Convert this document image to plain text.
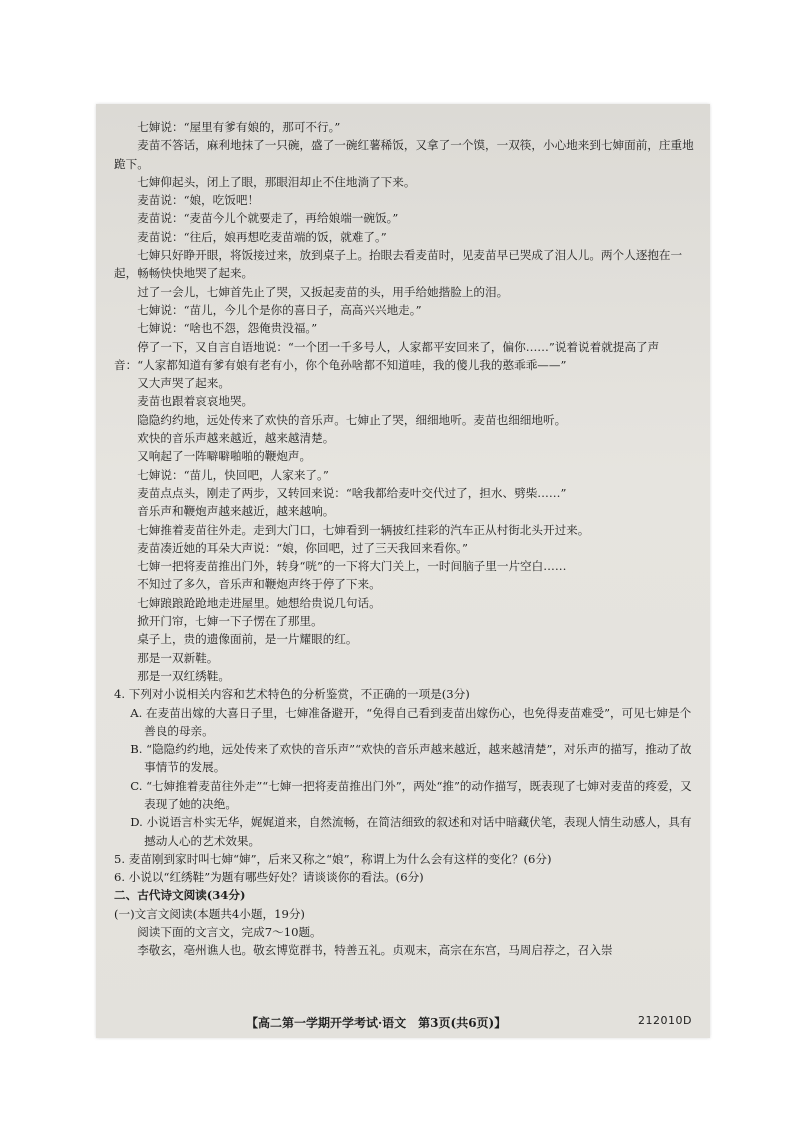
七婶说：“屋里有爹有娘的，那可不行。”

麦苗不答话，麻利地抹了一只碗，盛了一碗红薯稀饭，又拿了一个馍，一双筷，小心地来到七婶面前，庄重地跪下。

七婶仰起头，闭上了眼，那眼泪却止不住地淌了下来。

麦苗说：“娘，吃饭吧！

麦苗说：“麦苗今儿个就要走了，再给娘端一碗饭。”

麦苗说：“往后，娘再想吃麦苗端的饭，就难了。”

七婶只好睁开眼，将饭接过来，放到桌子上。抬眼去看麦苗时，见麦苗早已哭成了泪人儿。两个人逐抱在一起，畅畅快快地哭了起来。

过了一会儿，七婶首先止了哭，又扳起麦苗的头，用手给她揩脸上的泪。

七婶说：“苗儿，今儿个是你的喜日子，高高兴兴地走。”

七婶说：“啥也不怨，怨俺贵没福。”

停了一下，又自言自语地说：“一个团一千多号人，人家都平安回来了，偏你……”说着说着就提高了声音：“人家都知道有爹有娘有老有小，你个龟孙啥都不知道哇，我的傻儿我的憨乖乖——”

又大声哭了起来。

麦苗也跟着哀哀地哭。

隐隐约约地，远处传来了欢快的音乐声。七婶止了哭，细细地听。麦苗也细细地听。

欢快的音乐声越来越近，越来越清楚。

又响起了一阵噼噼啪啪的鞭炮声。

七婶说：“苗儿，快回吧，人家来了。”

麦苗点点头，刚走了两步，又转回来说：“啥我都给麦叶交代过了，担水、劈柴……”

音乐声和鞭炮声越来越近，越来越响。

七婶推着麦苗往外走。走到大门口，七婶看到一辆披红挂彩的汽车正从村街北头开过来。

麦苗凑近她的耳朵大声说：“娘，你回吧，过了三天我回来看你。”

七婶一把将麦苗推出门外，转身“咣”的一下将大门关上，一时间脑子里一片空白……

不知过了多久，音乐声和鞭炮声终于停了下来。

七婶踉踉跄跄地走进屋里。她想给贵说几句话。

掀开门帘，七婶一下子愣在了那里。

桌子上，贵的遗像面前，是一片耀眼的红。

那是一双新鞋。

那是一双红绣鞋。

4. 下列对小说相关内容和艺术特色的分析鉴赏，不正确的一项是(3分)

A. 在麦苗出嫁的大喜日子里，七婶准备避开，“免得自己看到麦苗出嫁伤心，也免得麦苗难受”，可见七婶是个善良的母亲。

B. “隐隐约约地，远处传来了欢快的音乐声”“欢快的音乐声越来越近，越来越清楚”，对乐声的描写，推动了故事情节的发展。

C. “七婶推着麦苗往外走”“七婶一把将麦苗推出门外”，两处“推”的动作描写，既表现了七婶对麦苗的疼爱，又表现了她的决绝。

D. 小说语言朴实无华，娓娓道来，自然流畅，在简洁细致的叙述和对话中暗藏伏笔，表现人情生动感人，具有撼动人心的艺术效果。

5. 麦苗刚到家时叫七婶“婶”，后来又称之“娘”，称谓上为什么会有这样的变化？(6分)

6. 小说以“红绣鞋”为题有哪些好处？请谈谈你的看法。(6分)

二、古代诗文阅读(34分)

(一)文言文阅读(本题共4小题，19分)

阅读下面的文言文，完成7～10题。

李敬玄，亳州谯人也。敬玄博览群书，特善五礼。贞观末，高宗在东宫，马周启荐之，召入崇

【高二第一学期开学考试·语文　第3页(共6页)】	212010D
